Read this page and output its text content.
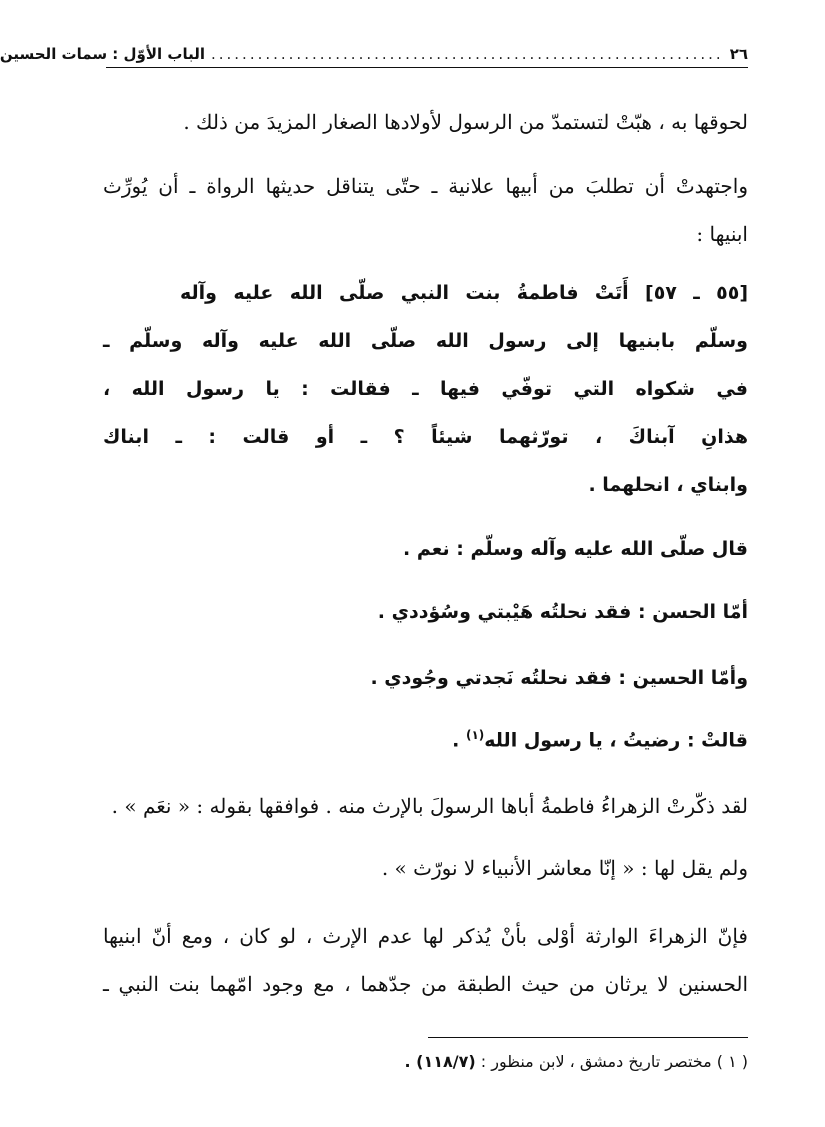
٢٦
..................................................................
الباب الأوّل : سمات الحسين
لحوقها به ، هبّتْ لتستمدّ من الرسول لأولادها الصغار المزيدَ من ذلك .
واجتهدتْ أن تطلبَ من أبيها علانية ـ حتّى يتناقل حديثها الرواة ـ أن يُورِّث
ابنيها :
[٥٥ ـ ٥٧] أَتَتْ فاطمةُ بنت النبي صلّى الله عليه وآله
وسلّم بابنيها إلى رسول الله صلّى الله عليه وآله وسلّم ـ
في شكواه التي توفّي فيها ـ فقالت : يا رسول الله ،
هذانِ آبناكَ ، تورّثهما شيئاً ؟ ـ أو قالت : ـ ابناك
وابناي ، انحلهما .
قال صلّى الله عليه وآله وسلّم : نعم .
أمّا الحسن : فقد نحلتُه هَيْبتي وسُؤددي .
وأمّا الحسين : فقد نحلتُه نَجدتي وجُودي .
قالتْ : رضيتُ ، يا رسول الله$^{(١)}$ .
لقد ذكّرتْ الزهراءُ فاطمةُ أباها الرسولَ بالإرث منه . فوافقها بقوله : « نعَم » .
ولم يقل لها : « إنّا معاشر الأنبياء لا نورّث » .
فإنّ الزهراءَ الوارثة أوْلى بأنْ يُذكر لها عدم الإرث ، لو كان ، ومع أنّ ابنيها
الحسنين لا يرثان من حيث الطبقة من جدّهما ، مع وجود امّهما بنت النبي ـ
( ١ ) مختصر تاريخ دمشق ، لابن منظور : (١١٨/٧) .
